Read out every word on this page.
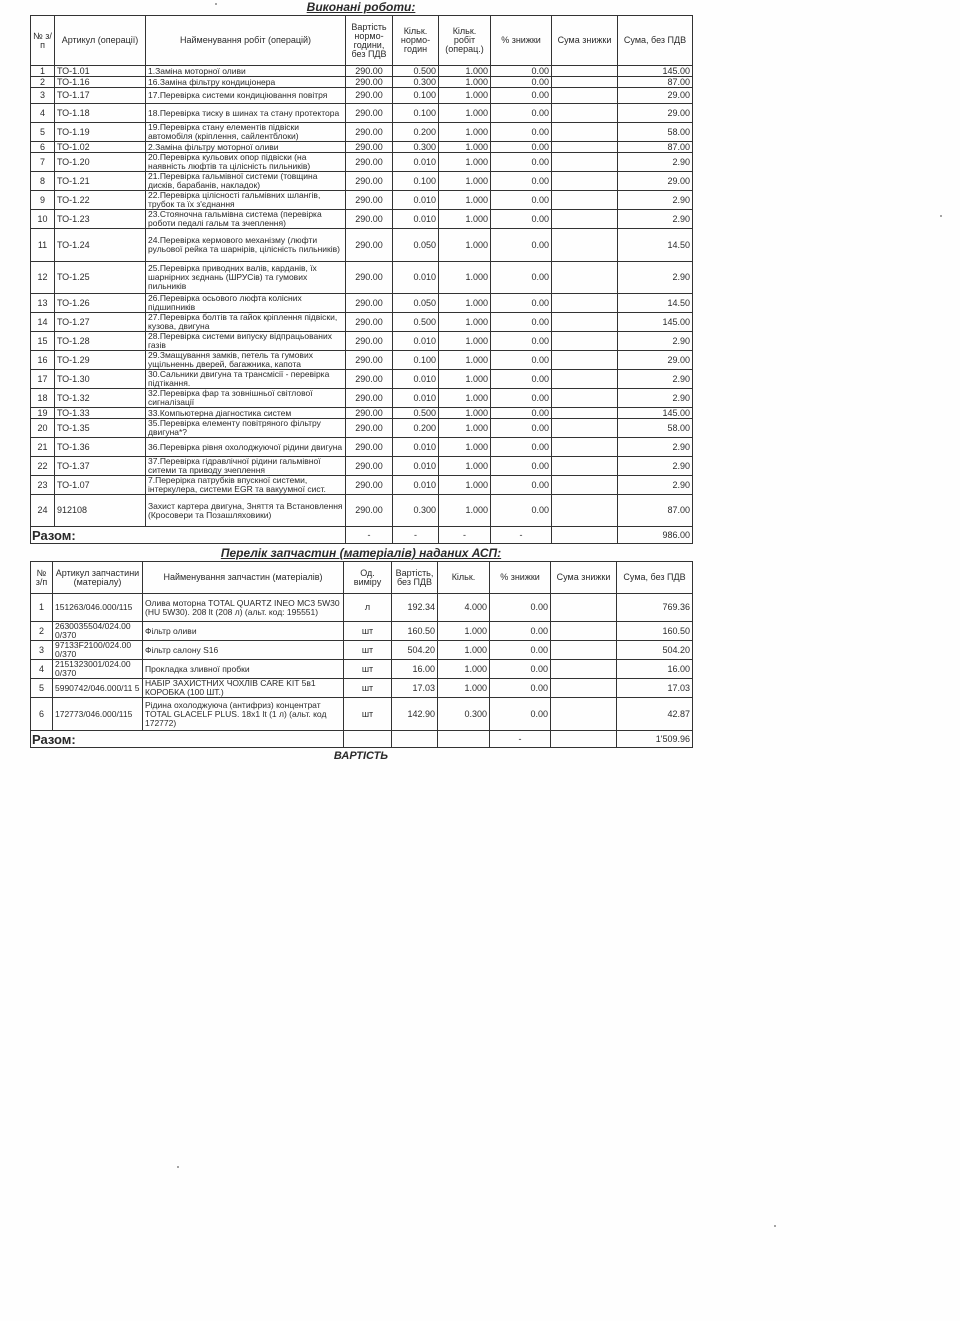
Виконані роботи:
№ з/п	Артикул (операції)	Найменування робіт (операцій)	Вартість нормо-години, без ПДВ	Кільк. нормо-годин	Кільк. робіт (операц.)	% знижки	Сума знижки	Сума, без ПДВ
1	ТО-1.01	1.Заміна моторної оливи	290.00	0.500	1.000	0.00		145.00
2	ТО-1.16	16.Заміна фільтру кондиціонера	290.00	0.300	1.000	0.00		87.00
3	ТО-1.17	17.Перевірка системи кондиціювання повітря	290.00	0.100	1.000	0.00		29.00
4	ТО-1.18	18.Перевірка тиску в шинах та стану протектора	290.00	0.100	1.000	0.00		29.00
5	ТО-1.19	19.Перевірка стану елементів підвіски автомобіля (кріплення, сайлентблоки)	290.00	0.200	1.000	0.00		58.00
6	ТО-1.02	2.Заміна фільтру моторної оливи	290.00	0.300	1.000	0.00		87.00
7	ТО-1.20	20.Перевірка кульових опор підвіски (на наявність люфтів та цілісність пильників)	290.00	0.010	1.000	0.00		2.90
8	ТО-1.21	21.Перевірка гальмівної системи (товщина дисків, барабанів, накладок)	290.00	0.100	1.000	0.00		29.00
9	ТО-1.22	22.Перевірка цілісності гальмівних шлангів, трубок та їх з'єднання	290.00	0.010	1.000	0.00		2.90
10	ТО-1.23	23.Стояночна гальмівна система (перевірка роботи педалі гальм та зчеплення)	290.00	0.010	1.000	0.00		2.90
11	ТО-1.24	24.Перевірка кермового механізму (люфти рульової рейка та шарнірів, цілісність пильників)	290.00	0.050	1.000	0.00		14.50
12	ТО-1.25	25.Перевірка приводних валів, карданів, їх шарнірних зєднань (ШРУСів) та гумових пильників	290.00	0.010	1.000	0.00		2.90
13	ТО-1.26	26.Перевірка осьового люфта колісних підшипників	290.00	0.050	1.000	0.00		14.50
14	ТО-1.27	27.Перевірка болтів та гайок кріплення підвіски, кузова, двигуна	290.00	0.500	1.000	0.00		145.00
15	ТО-1.28	28.Перевірка системи випуску відпрацьованих газів	290.00	0.010	1.000	0.00		2.90
16	ТО-1.29	29.Змащування замків, петель та гумових ущільненнь дверей, багажника, капота	290.00	0.100	1.000	0.00		29.00
17	ТО-1.30	30.Сальники двигуна та трансмісії - перевірка підтікання.	290.00	0.010	1.000	0.00		2.90
18	ТО-1.32	32.Перевірка фар та зовнішньої світлової сигналізації	290.00	0.010	1.000	0.00		2.90
19	ТО-1.33	33.Компьютерна діагностика систем	290.00	0.500	1.000	0.00		145.00
20	ТО-1.35	35.Перевірка елементу повітряного фільтру двигуна*?	290.00	0.200	1.000	0.00		58.00
21	ТО-1.36	36.Перевірка рівня охолоджуючої рідини двигуна	290.00	0.010	1.000	0.00		2.90
22	ТО-1.37	37.Перевірка гідравлічної рідини гальмівної ситеми та приводу зчеплення	290.00	0.010	1.000	0.00		2.90
23	ТО-1.07	7.Перерірка патрубків впускної системи, інтеркулера, системи EGR та вакуумної сист.	290.00	0.010	1.000	0.00		2.90
24	912108	Захист картера двигуна, Зняття та Встановлення (Кросовери та Позашляховики)	290.00	0.300	1.000	0.00		87.00
Разом:			-	-	-	-		986.00
Перелік запчастин (матеріалів) наданих АСП:
№ з/п	Артикул запчастини (матеріалу)	Найменування запчастин (матеріалів)	Од. виміру	Вартість, без ПДВ	Кільк.	% знижки	Сума знижки	Сума, без ПДВ
1	151263/046.000/115	Олива моторна TOTAL QUARTZ INEO MC3 5W30 (HU 5W30). 208 lt (208 л) (альт. код: 195551)	л	192.34	4.000	0.00		769.36
2	2630035504/024.00 0/370	Фільтр оливи	шт	160.50	1.000	0.00		160.50
3	97133F2100/024.00 0/370	Фільтр салону S16	шт	504.20	1.000	0.00		504.20
4	2151323001/024.00 0/370	Прокладка зливної пробки	шт	16.00	1.000	0.00		16.00
5	5990742/046.000/11 5	НАБІР ЗАХИСТНИХ ЧОХЛІВ CARE KIT 5в1 КОРОБКА (100 ШТ.)	шт	17.03	1.000	0.00		17.03
6	172773/046.000/115	Рідина охолоджуюча (антифриз) концентрат TOTAL GLACELF PLUS. 18x1 lt (1 л) (альт. код 172772)	шт	142.90	0.300	0.00		42.87
Разом:						-		1'509.96
ВАРТІСТЬ
